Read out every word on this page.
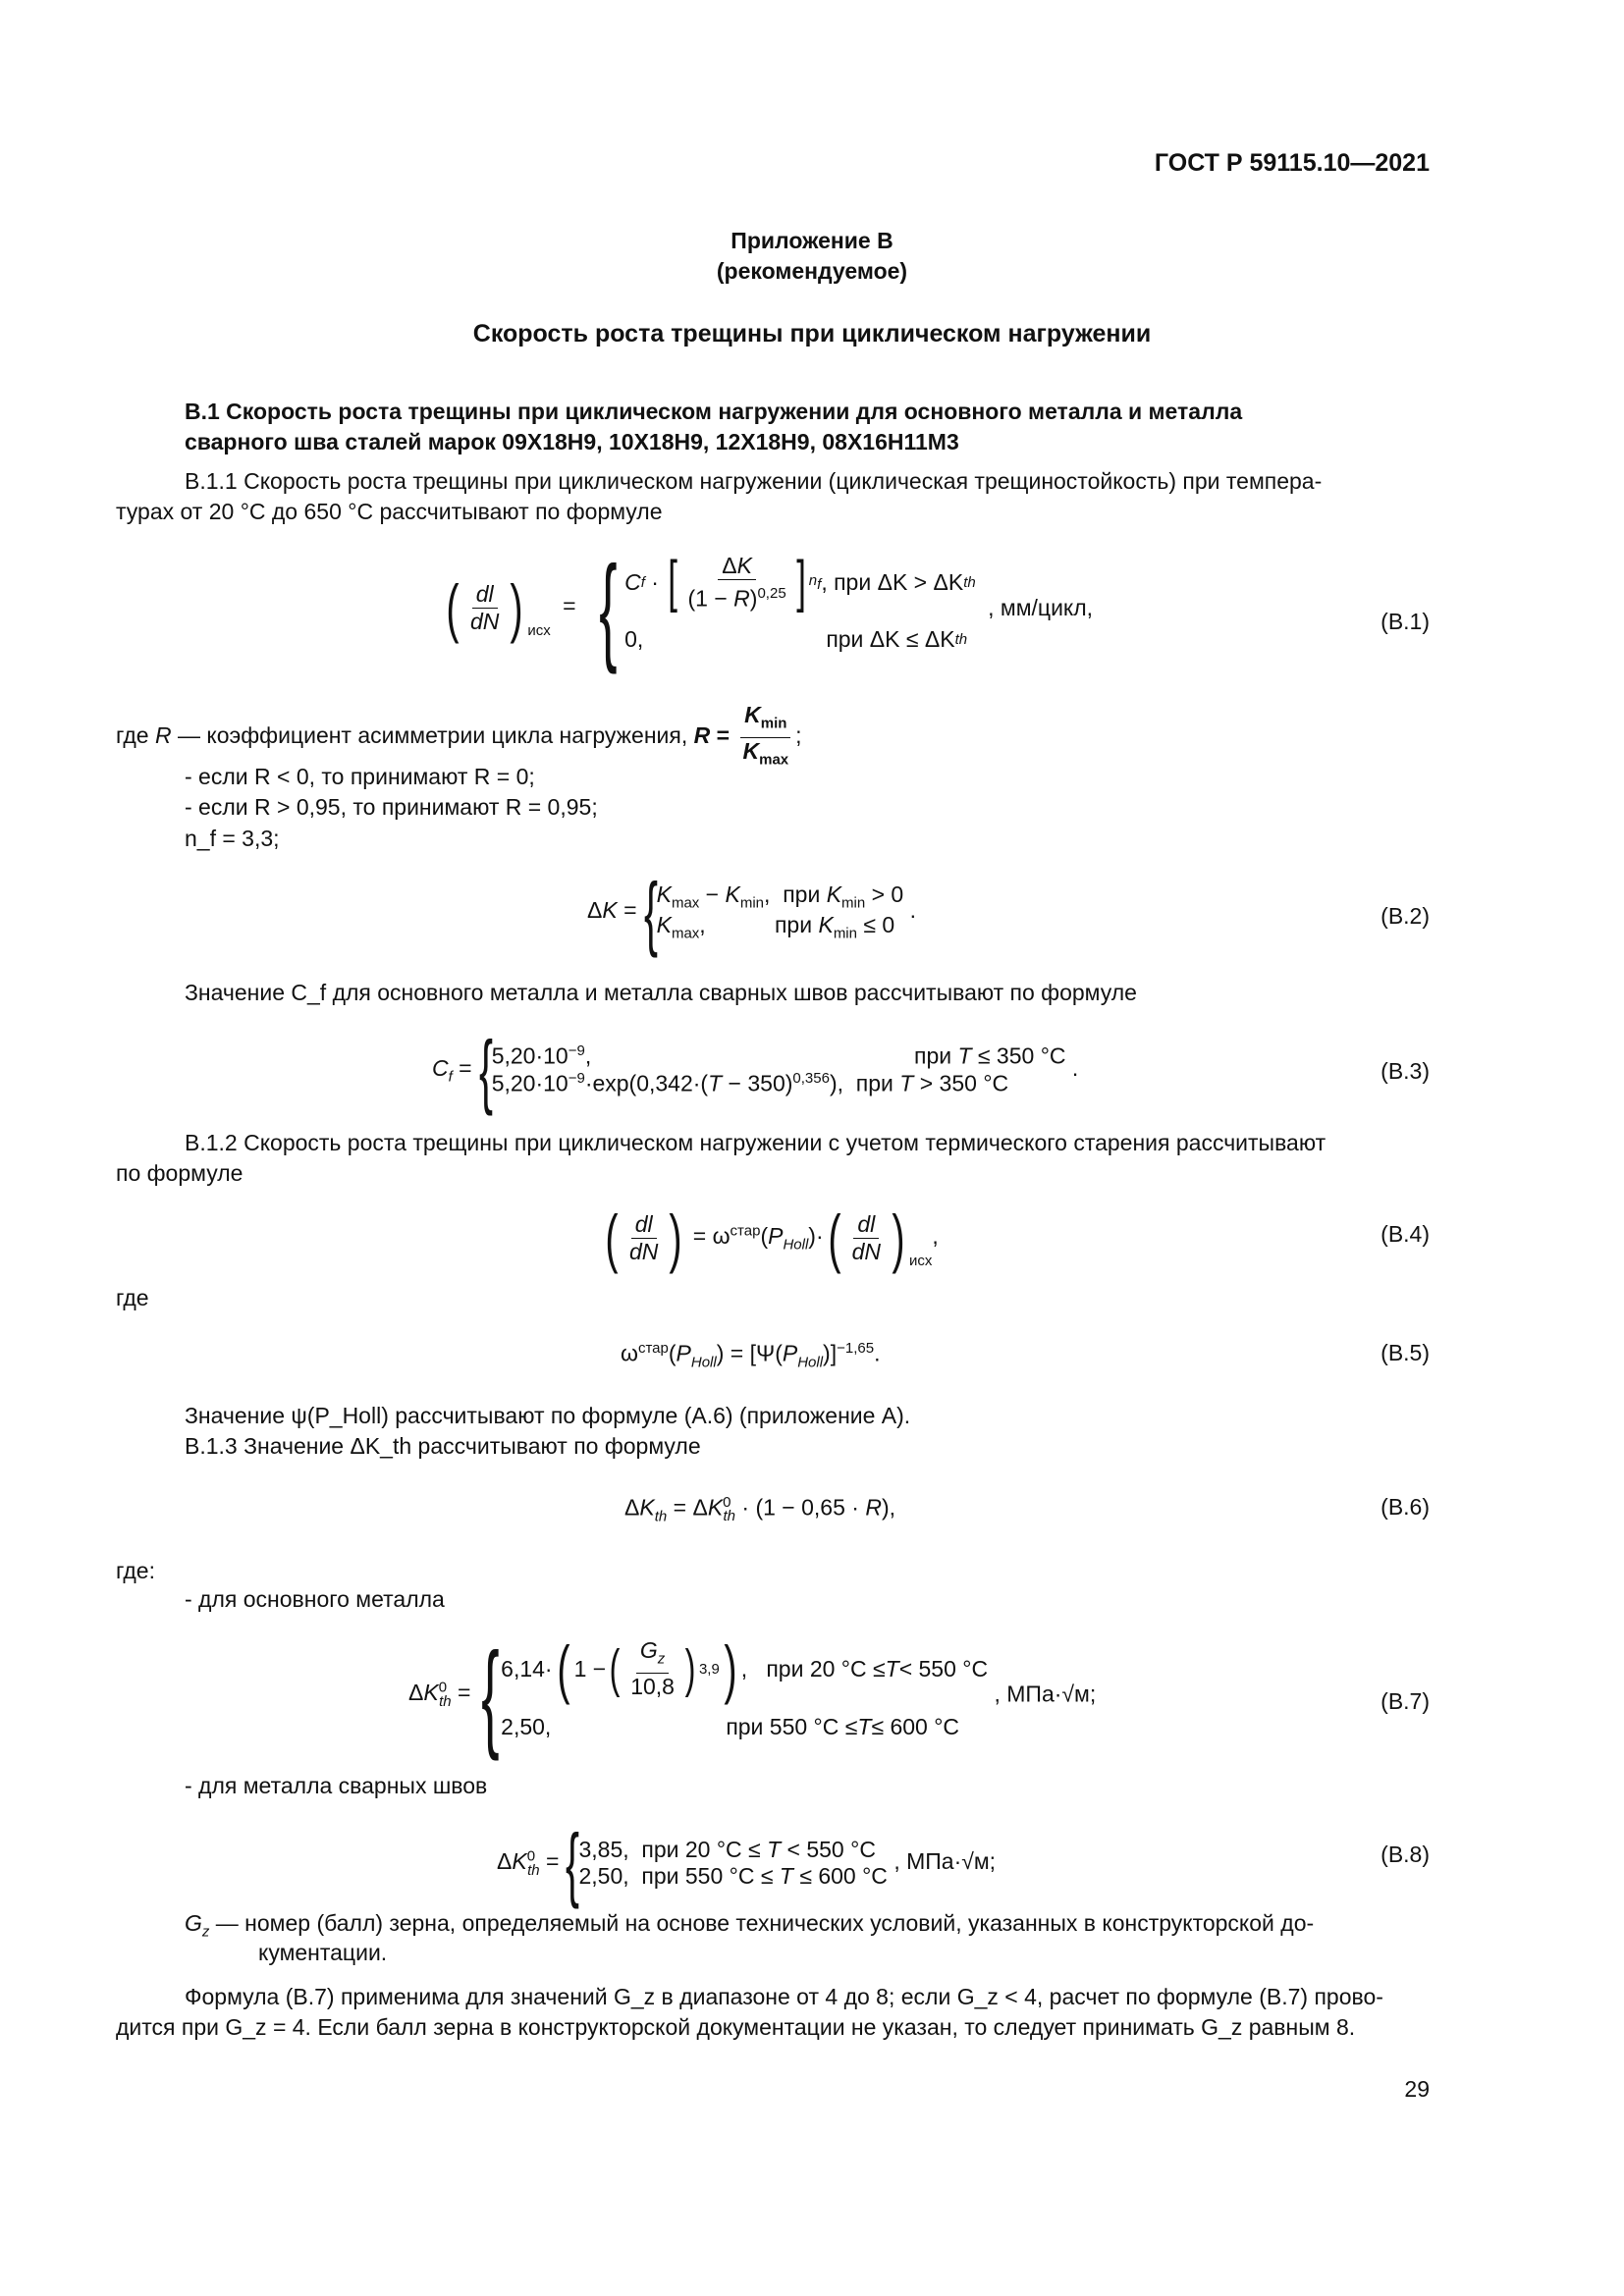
ГОСТ Р 59115.10—2021
Приложение В
(рекомендуемое)
Скорость роста трещины при циклическом нагружении
В.1 Скорость роста трещины при циклическом нагружении для основного металла и металла
сварного шва сталей марок 09Х18Н9, 10Х18Н9, 12Х18Н9, 08Х16Н11М3
В.1.1 Скорость роста трещины при циклическом нагружении (циклическая трещиностойкость) при темпера-
турах от 20 °С до 650 °С рассчитывают по формуле
( $\frac{dl}{dN}$ ) $_{исх}$ = { C f · [ $\frac{\Delta K}{(1 - R)^{0,25}}$ ] $n_f$ , при ΔK > ΔK th
0,	при ΔK ≤ ΔK th
, мм/цикл,
(В.1)
где R — коэффициент асимметрии цикла нагружения, $R = \frac{K_{min}}{K_{max}}$ ;
- если R < 0, то принимают R = 0;
- если R > 0,95, то принимают R = 0,95;
n_f = 3,3;
ΔK ={ $K_{max} - K_{min}$,  при $K_{min} > 0$
$K_{max}$,           при $K_{min} \le 0$
.	(В.2)
Значение C_f для основного металла и металла сварных швов рассчитывают по формуле
$C_f$ ={ $5,20\cdot 10^{-9}$,	при T ≤ 350 °C
$5,20\cdot 10^{-9}\cdot\exp(0,342\cdot(T - 350)^{0,356})$,  при T > 350 °C
.	(В.3)
В.1.2 Скорость роста трещины при циклическом нагружении с учетом термического старения рассчитывают
по формуле
( $\frac{dl}{dN}$ ) = $\omega^{стар}(P_{Holl})\cdot( \frac{dl}{dN}$ ) $_{исх}$,	(В.4)
где
$\omega^{стар}(P_{Holl}) = [\Psi(P_{Holl})]^{-1,65}$.	(В.5)
Значение ψ(P_Holl) рассчитывают по формуле (А.6) (приложение А).
В.1.3 Значение ΔK_th рассчитывают по формуле
$\Delta K_{th} = \Delta K^0_{th} \cdot (1 - 0,65 \cdot R)$,	(В.6)
где:
- для основного металла
$\Delta K^0_{th}$ ={ 6,14· ( 1 − ( $\frac{G_z}{10,8}$ ) 3,9 ) ,   при 20 °C ≤ T < 550 °C
2,50,	при 550 °C ≤ T ≤ 600 °C
, МПа·√м;	(В.7)
- для металла сварных швов
$\Delta K^0_{th}$ ={ 3,85,  при 20 °C ≤ T < 550 °C
2,50,  при 550 °C ≤ T ≤ 600 °C
, МПа·√м;	(В.8)
$G_z$ — номер (балл) зерна, определяемый на основе технических условий, указанных в конструкторской до-
кументации.
Формула (В.7) применима для значений G_z в диапазоне от 4 до 8; если G_z < 4, расчет по формуле (В.7) прово-
дится при G_z = 4. Если балл зерна в конструкторской документации не указан, то следует принимать G_z равным 8.
29
